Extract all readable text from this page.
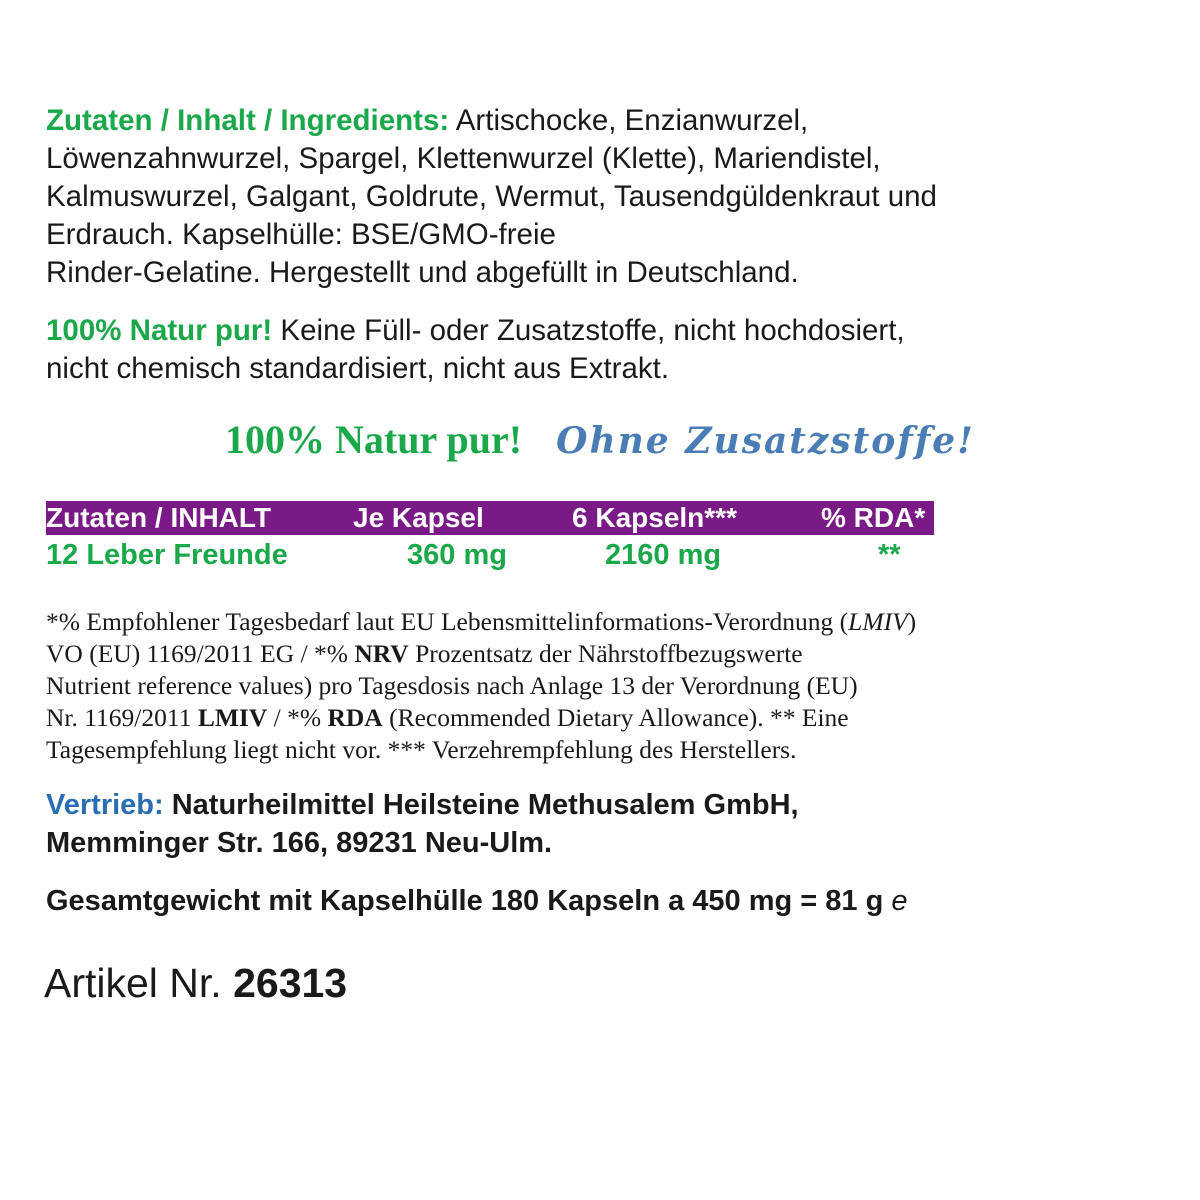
Zutaten / Inhalt / Ingredients: Artischocke, Enzianwurzel,
Löwenzahnwurzel, Spargel, Klettenwurzel (Klette), Mariendistel,
Kalmuswurzel, Galgant, Goldrute, Wermut, Tausendgüldenkraut und
Erdrauch. Kapselhülle: BSE/GMO-freie
Rinder-Gelatine. Hergestellt und abgefüllt in Deutschland.
100% Natur pur! Keine Füll- oder Zusatzstoffe, nicht hochdosiert,
nicht chemisch standardisiert, nicht aus Extrakt.
100% Natur pur! Ohne Zusatzstoffe!
Zutaten / INHALT	Je Kapsel	6 Kapseln***	% RDA*
12 Leber Freunde	360 mg	2160 mg	**
*% Empfohlener Tagesbedarf laut EU Lebensmittelinformations-Verordnung (LMIV)
VO (EU) 1169/2011 EG / *% NRV Prozentsatz der Nährstoffbezugswerte
Nutrient reference values) pro Tagesdosis nach Anlage 13 der Verordnung (EU)
Nr. 1169/2011 LMIV / *% RDA (Recommended Dietary Allowance). ** Eine
Tagesempfehlung liegt nicht vor. *** Verzehrempfehlung des Herstellers.
Vertrieb: Naturheilmittel Heilsteine Methusalem GmbH,
Memminger Str. 166, 89231 Neu-Ulm.
Gesamtgewicht mit Kapselhülle 180 Kapseln a 450 mg = 81 g e
Artikel Nr. 26313
